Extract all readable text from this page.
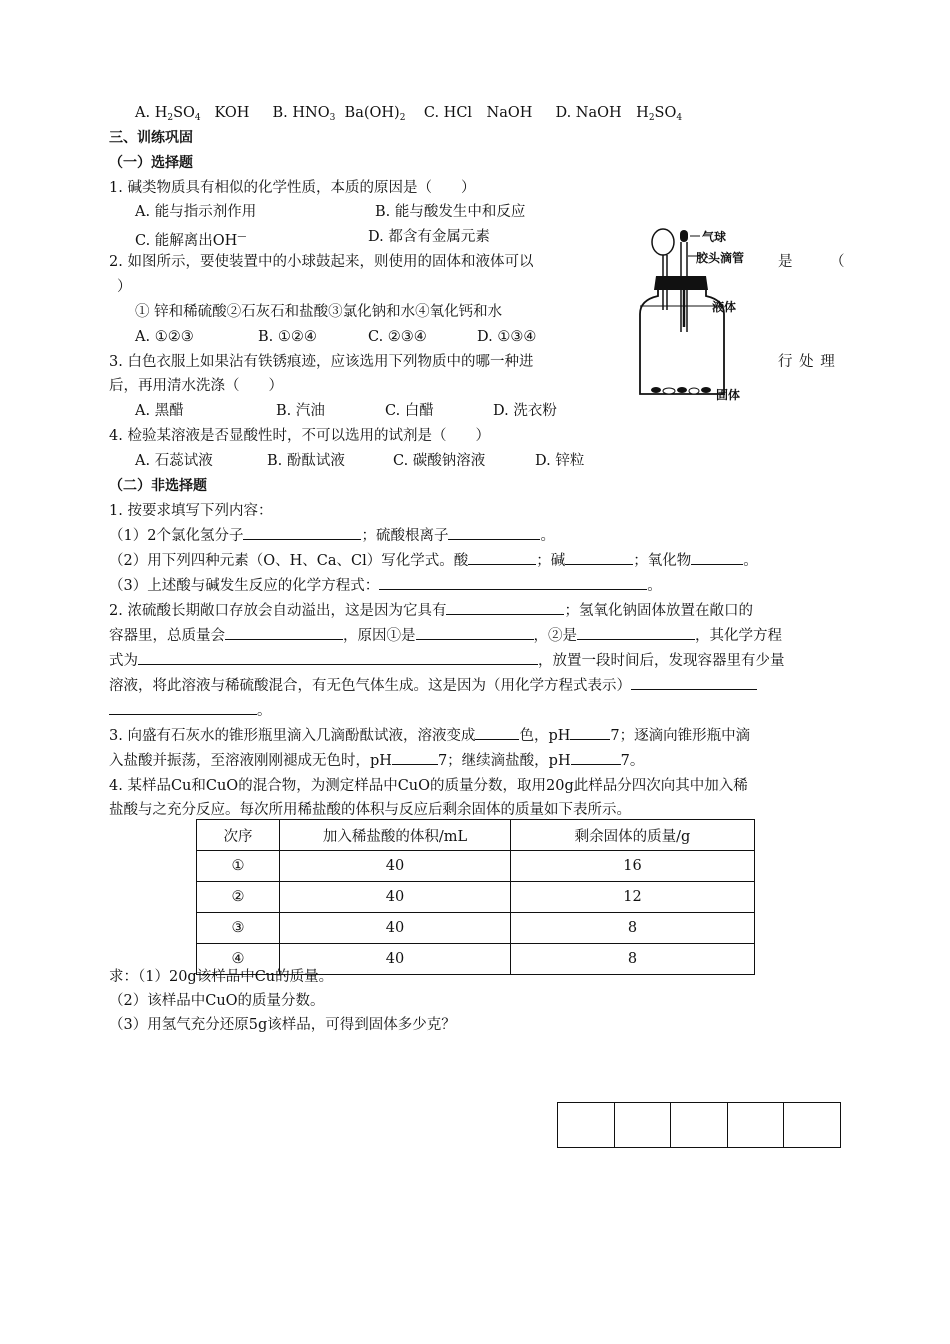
A. $H_2SO_4$ KOH B. $HNO_3$ $Ba(OH)_2$ C. HCl　NaOH D. NaOH　$H_2SO_4$
三、训练巩固
（一）选择题
1. 碱类物质具有相似的化学性质，本质的原因是（　　）
A. 能与指示剂作用	B. 能与酸发生中和反应
C. 能解离出OH—	D. 都含有金属元素
2. 如图所示，要使装置中的小球鼓起来，则使用的固体和液体可以	是	（
）
① 锌和稀硫酸②石灰石和盐酸③氯化钠和水④氧化钙和水
A. ①②③	B. ①②④	C. ②③④	D. ①③④
气球
胶头滴管
液体
固体
3. 白色衣服上如果沾有铁锈痕迹，应该选用下列物质中的哪一种进	行 处 理
后，再用清水洗涤（　　）
A. 黑醋	B. 汽油	C. 白醋	D. 洗衣粉
4. 检验某溶液是否显酸性时，不可以选用的试剂是（　　）
A. 石蕊试液	B. 酚酞试液	C. 碳酸钠溶液	D. 锌粒
（二）非选择题
1. 按要求填写下列内容：
（1）2个氯化氢分子	；硫酸根离子	。
（2）用下列四种元素（O、H、Ca、Cl）写化学式。酸	；碱	；氧化物	。
（3）上述酸与碱发生反应的化学方程式：	。
2. 浓硫酸长期敞口存放会自动溢出，这是因为它具有	；氢氧化钠固体放置在敞口的
容器里，总质量会	，原因①是	，②是	，其化学方程
式为	，放置一段时间后，发现容器里有少量
溶液，将此溶液与稀硫酸混合，有无色气体生成。这是因为（用化学方程式表示）
。
3. 向盛有石灰水的锥形瓶里滴入几滴酚酞试液，溶液变成	色，pH	7；逐滴向锥形瓶中滴
入盐酸并振荡，至溶液刚刚褪成无色时，pH	7；继续滴盐酸，pH	7。
4. 某样品Cu和CuO的混合物，为测定样品中CuO的质量分数，取用20g此样品分四次向其中加入稀
盐酸与之充分反应。每次所用稀盐酸的体积与反应后剩余固体的质量如下表所示。
次序	加入稀盐酸的体积/mL	剩余固体的质量/g
①	40	16
②	40	12
③	40	8
④	40	8
求：（1）20g该样品中Cu的质量。
（2）该样品中CuO的质量分数。
（3）用氢气充分还原5g该样品，可得到固体多少克？
